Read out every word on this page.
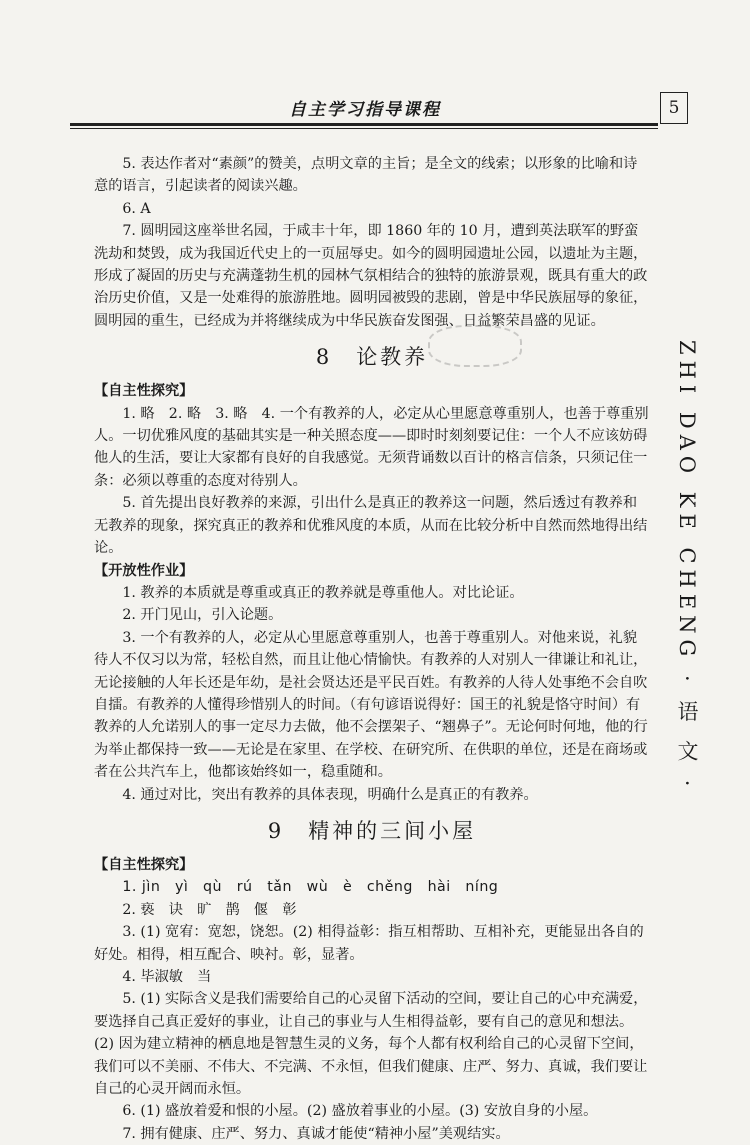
自主学习指导课程	5
ZHI DAO KE CHENG · 语 文 ·

5. 表达作者对“素颜”的赞美，点明文章的主旨；是全文的线索；以形象的比喻和诗意的语言，引起读者的阅读兴趣。

6. A

7. 圆明园这座举世名园，于咸丰十年，即 1860 年的 10 月，遭到英法联军的野蛮洗劫和焚毁，成为我国近代史上的一页屈辱史。如今的圆明园遗址公园，以遗址为主题，形成了凝固的历史与充满蓬勃生机的园林气氛相结合的独特的旅游景观，既具有重大的政治历史价值，又是一处难得的旅游胜地。圆明园被毁的悲剧，曾是中华民族屈辱的象征，圆明园的重生，已经成为并将继续成为中华民族奋发图强、日益繁荣昌盛的见证。

8 论教养

【自主性探究】

1. 略　2. 略　3. 略　4. 一个有教养的人，必定从心里愿意尊重别人，也善于尊重别人。一切优雅风度的基础其实是一种关照态度——即时时刻刻要记住：一个人不应该妨碍他人的生活，要让大家都有良好的自我感觉。无须背诵数以百计的格言信条，只须记住一条：必须以尊重的态度对待别人。

5. 首先提出良好教养的来源，引出什么是真正的教养这一问题，然后透过有教养和无教养的现象，探究真正的教养和优雅风度的本质，从而在比较分析中自然而然地得出结论。

【开放性作业】

1. 教养的本质就是尊重或真正的教养就是尊重他人。对比论证。

2. 开门见山，引入论题。

3. 一个有教养的人，必定从心里愿意尊重别人，也善于尊重别人。对他来说，礼貌待人不仅习以为常，轻松自然，而且让他心情愉快。有教养的人对别人一律谦让和礼让，无论接触的人年长还是年幼，是社会贤达还是平民百姓。有教养的人待人处事绝不会自吹自擂。有教养的人懂得珍惜别人的时间。（有句谚语说得好：国王的礼貌是恪守时间）有教养的人允诺别人的事一定尽力去做，他不会摆架子、“翘鼻子”。无论何时何地，他的行为举止都保持一致——无论是在家里、在学校、在研究所、在供职的单位，还是在商场或者在公共汽车上，他都该始终如一，稳重随和。

4. 通过对比，突出有教养的具体表现，明确什么是真正的有教养。

9 精神的三间小屋

【自主性探究】

1. jìn　yì　qù　rú　tǎn　wù　è　chěng　hài　níng

2. 亵　诀　旷　鹊　偃　彰

3. (1) 宽宥：宽恕，饶恕。(2) 相得益彰：指互相帮助、互相补充，更能显出各自的好处。相得，相互配合、映衬。彰，显著。

4. 毕淑敏　当

5. (1) 实际含义是我们需要给自己的心灵留下活动的空间，要让自己的心中充满爱，要选择自己真正爱好的事业，让自己的事业与人生相得益彰，要有自己的意见和想法。(2) 因为建立精神的栖息地是智慧生灵的义务，每个人都有权利给自己的心灵留下空间，我们可以不美丽、不伟大、不完满、不永恒，但我们健康、庄严、努力、真诚，我们要让自己的心灵开阔而永恒。

6. (1) 盛放着爱和恨的小屋。(2) 盛放着事业的小屋。(3) 安放自身的小屋。

7. 拥有健康、庄严、努力、真诚才能使“精神小屋”美观结实。
